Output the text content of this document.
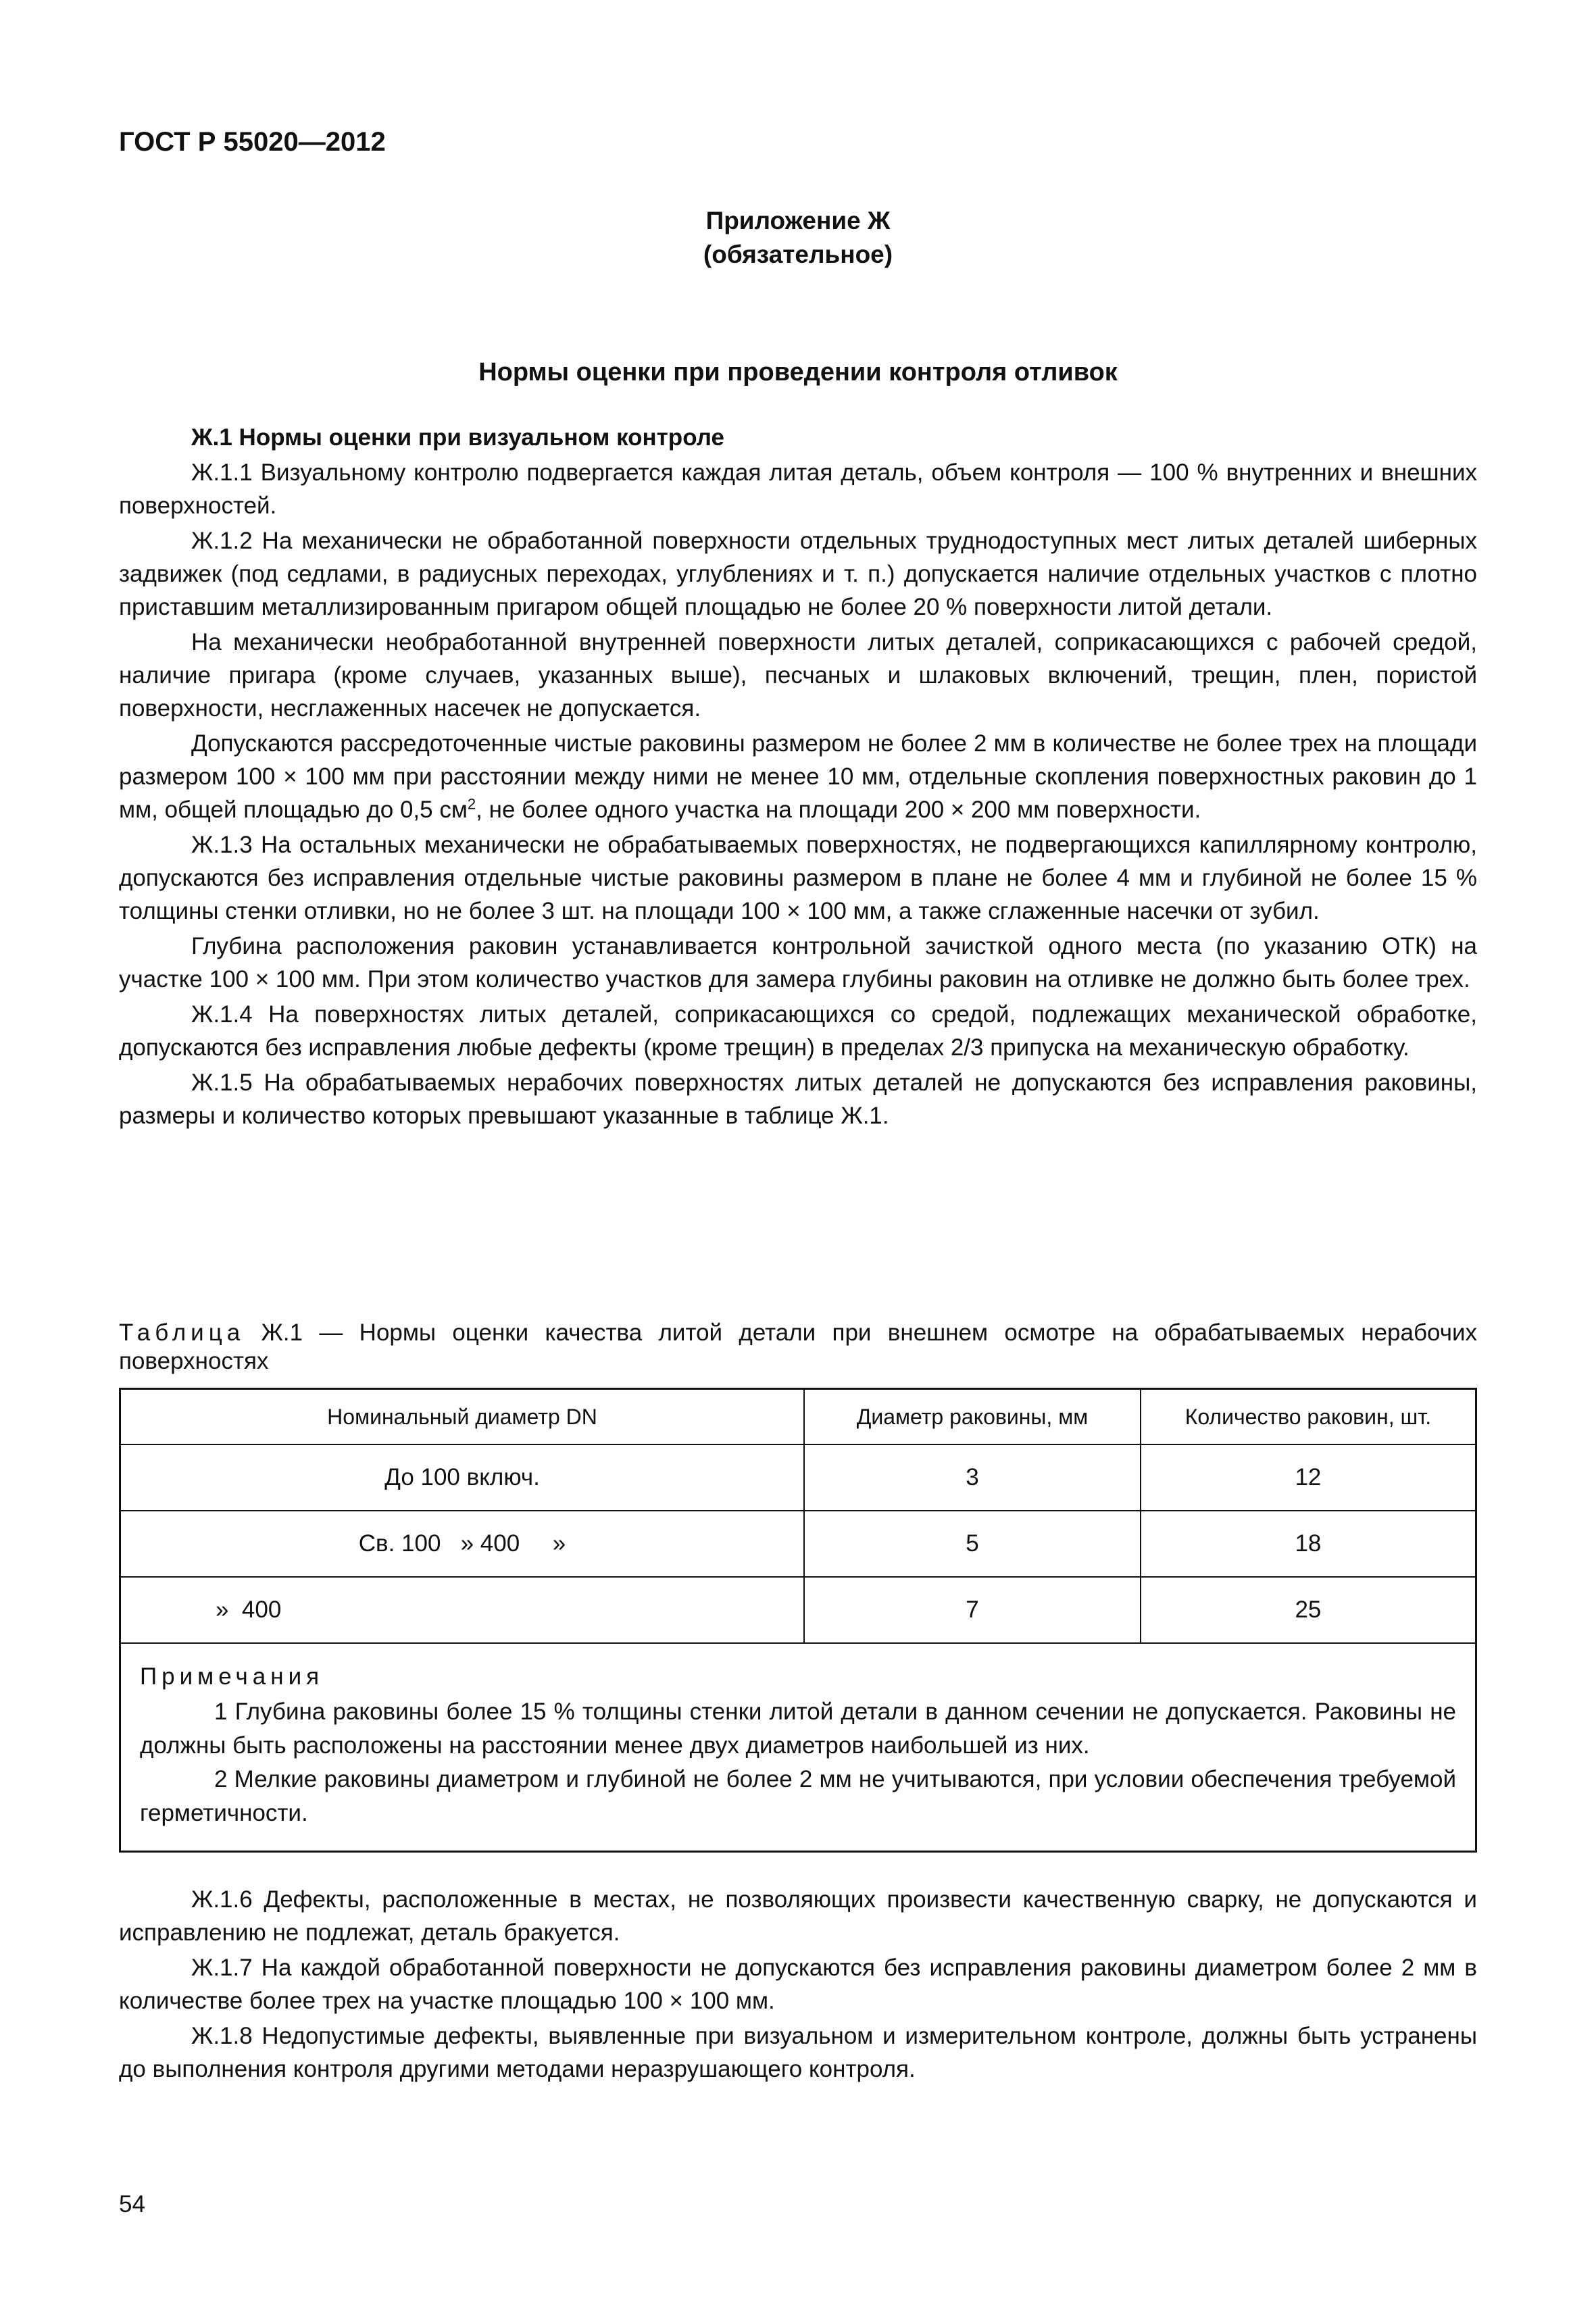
ГОСТ Р 55020—2012
Приложение Ж
(обязательное)
Нормы оценки при проведении контроля отливок

Ж.1 Нормы оценки при визуальном контроле

Ж.1.1 Визуальному контролю подвергается каждая литая деталь, объем контроля — 100 % внутренних и внешних поверхностей.

Ж.1.2 На механически не обработанной поверхности отдельных труднодоступных мест литых деталей шиберных задвижек (под седлами, в радиусных переходах, углублениях и т. п.) допускается наличие отдельных участков с плотно приставшим металлизированным пригаром общей площадью не более 20 % поверхности литой детали.

На механически необработанной внутренней поверхности литых деталей, соприкасающихся с рабочей средой, наличие пригара (кроме случаев, указанных выше), песчаных и шлаковых включений, трещин, плен, пористой поверхности, несглаженных насечек не допускается.

Допускаются рассредоточенные чистые раковины размером не более 2 мм в количестве не более трех на площади размером 100 × 100 мм при расстоянии между ними не менее 10 мм, отдельные скопления поверхностных раковин до 1 мм, общей площадью до 0,5 $см^2$, не более одного участка на площади 200 × 200 мм поверхности.

Ж.1.3 На остальных механически не обрабатываемых поверхностях, не подвергающихся капиллярному контролю, допускаются без исправления отдельные чистые раковины размером в плане не более 4 мм и глубиной не более 15 % толщины стенки отливки, но не более 3 шт. на площади 100 × 100 мм, а также сглаженные насечки от зубил.

Глубина расположения раковин устанавливается контрольной зачисткой одного места (по указанию ОТК) на участке 100 × 100 мм. При этом количество участков для замера глубины раковин на отливке не должно быть более трех.

Ж.1.4 На поверхностях литых деталей, соприкасающихся со средой, подлежащих механической обработке, допускаются без исправления любые дефекты (кроме трещин) в пределах 2/3 припуска на механическую обработку.

Ж.1.5 На обрабатываемых нерабочих поверхностях литых деталей не допускаются без исправления раковины, размеры и количество которых превышают указанные в таблице Ж.1.

Таблица Ж.1 — Нормы оценки качества литой детали при внешнем осмотре на обрабатываемых нерабочих поверхностях
Номинальный диаметр DN	Диаметр раковины, мм	Количество раковин, шт.
До 100 включ.	3	12
Св. 100   » 400     »	5	18
»  400	7	25

Примечания
1 Глубина раковины более 15 % толщины стенки литой детали в данном сечении не допускается. Раковины не должны быть расположены на расстоянии менее двух диаметров наибольшей из них.
2 Мелкие раковины диаметром и глубиной не более 2 мм не учитываются, при условии обеспечения требуемой герметичности.		

Ж.1.6 Дефекты, расположенные в местах, не позволяющих произвести качественную сварку, не допускаются и исправлению не подлежат, деталь бракуется.

Ж.1.7 На каждой обработанной поверхности не допускаются без исправления раковины диаметром более 2 мм в количестве более трех на участке площадью 100 × 100 мм.

Ж.1.8 Недопустимые дефекты, выявленные при визуальном и измерительном контроле, должны быть устранены до выполнения контроля другими методами неразрушающего контроля.

54
